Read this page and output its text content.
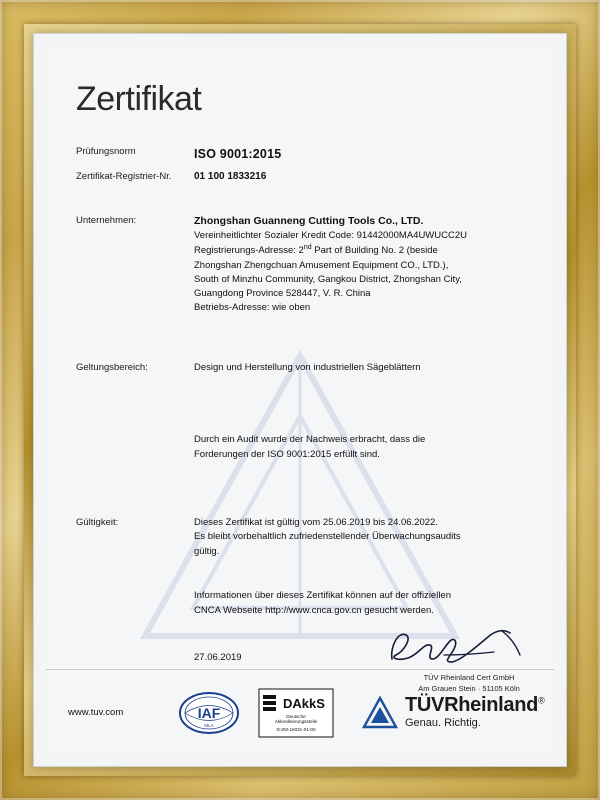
Zertifikat
Prüfungsnorm	ISO 9001:2015
Zertifikat-Registrier-Nr.	01 100 1833216
Unternehmen:	Zhongshan Guanneng Cutting Tools Co., LTD.
Vereinheitlichter Sozialer Kredit Code: 91442000MA4UWUCC2U
Registrierungs-Adresse: 2nd Part of Building No. 2 (beside
Zhongshan Zhengchuan Amusement Equipment CO., LTD.),
South of Minzhu Community, Gangkou District, Zhongshan City,
Guangdong Province 528447, V. R. China
Betriebs-Adresse: wie oben
Geltungsbereich:	Design und Herstellung von industriellen Sägeblättern
Durch ein Audit wurde der Nachweis erbracht, dass die
Forderungen der ISO 9001:2015 erfüllt sind.
Gültigkeit:	Dieses Zertifikat ist gültig vom 25.06.2019 bis 24.06.2022.
Es bleibt vorbehaltlich zufriedenstellender Überwachungsaudits
gültig.
Informationen über dieses Zertifikat können auf der offiziellen
CNCA Webseite http://www.cnca.gov.cn gesucht werden.
27.06.2019
TÜV Rheinland Cert GmbH
Am Grauen Stein · 51105 Köln
www.tuv.com	IAF
MLA
DAkkS
Deutsche
Akkreditierungsstelle
D-ZM-16031-01-00
TÜVRheinland®
Genau. Richtig.
